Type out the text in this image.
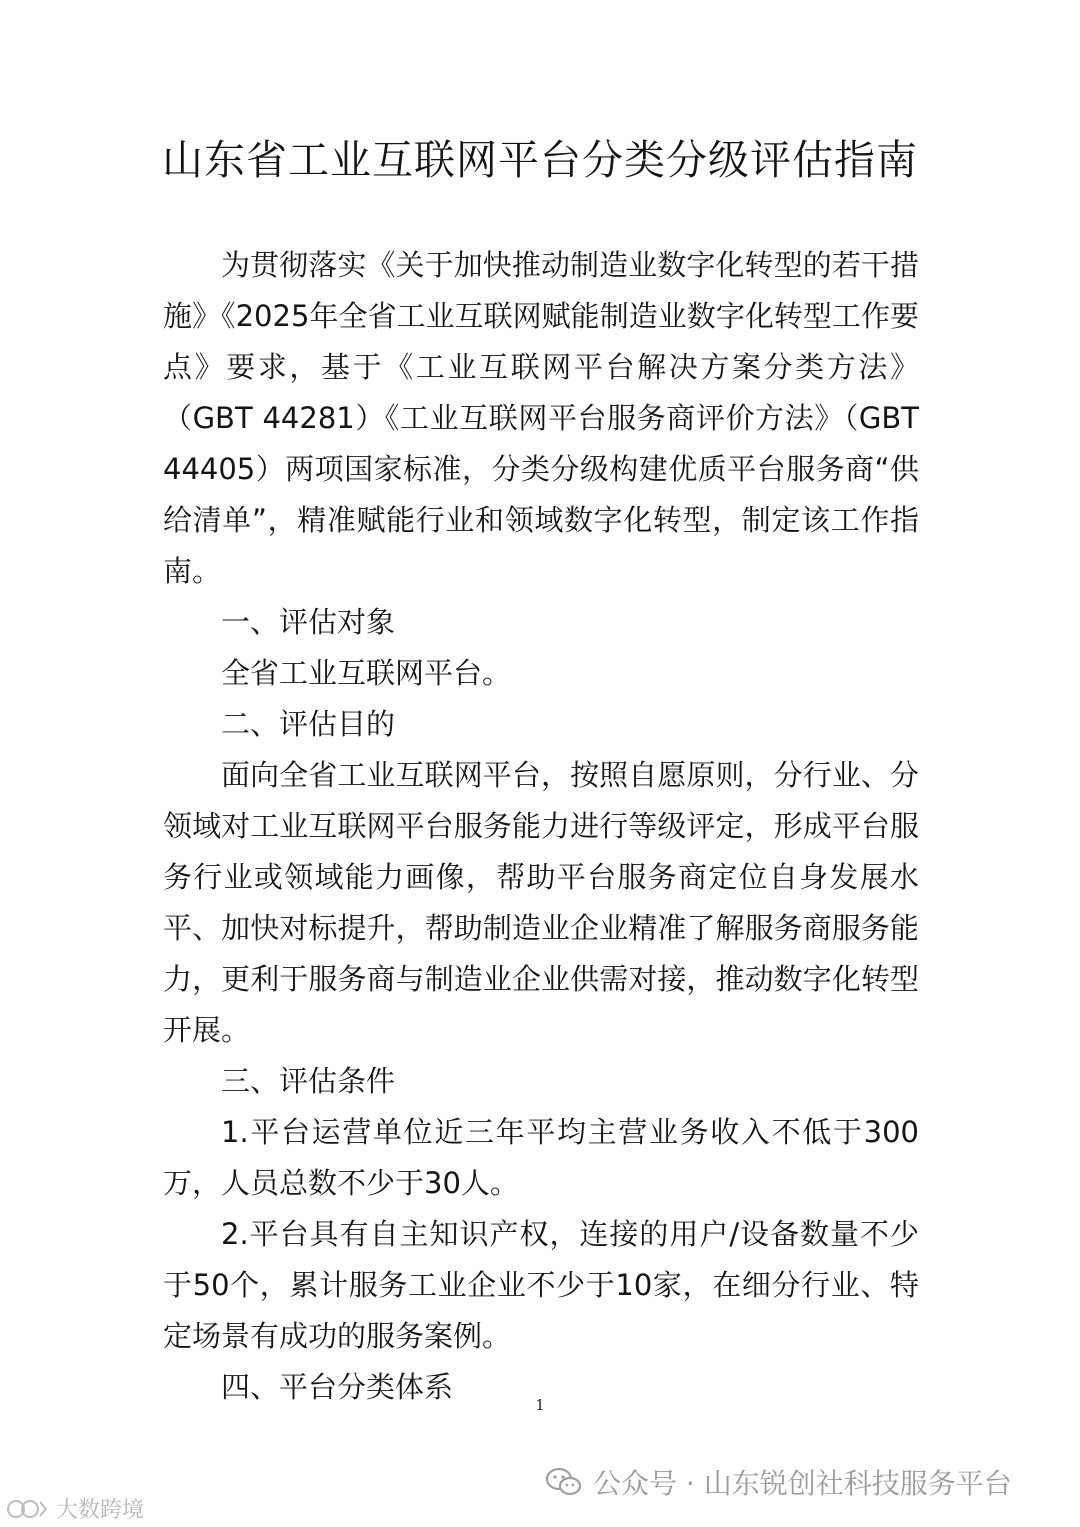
山东省工业互联网平台分类分级评估指南

为贯彻落实《关于加快推动制造业数字化转型的若干措施》《2025年全省工业互联网赋能制造业数字化转型工作要点》要求，基于《工业互联网平台解决方案分类方法》（GBT 44281）《工业互联网平台服务商评价方法》（GBT 44405）两项国家标准，分类分级构建优质平台服务商“供给清单”，精准赋能行业和领域数字化转型，制定该工作指南。

一、评估对象

全省工业互联网平台。

二、评估目的

面向全省工业互联网平台，按照自愿原则，分行业、分领域对工业互联网平台服务能力进行等级评定，形成平台服务行业或领域能力画像，帮助平台服务商定位自身发展水平、加快对标提升，帮助制造业企业精准了解服务商服务能力，更利于服务商与制造业企业供需对接，推动数字化转型开展。

三、评估条件

1.平台运营单位近三年平均主营业务收入不低于300万，人员总数不少于30人。

2.平台具有自主知识产权，连接的用户/设备数量不少于50个，累计服务工业企业不少于10家，在细分行业、特定场景有成功的服务案例。

四、平台分类体系

1
公众号 · 山东锐创社科技服务平台
大数跨境
